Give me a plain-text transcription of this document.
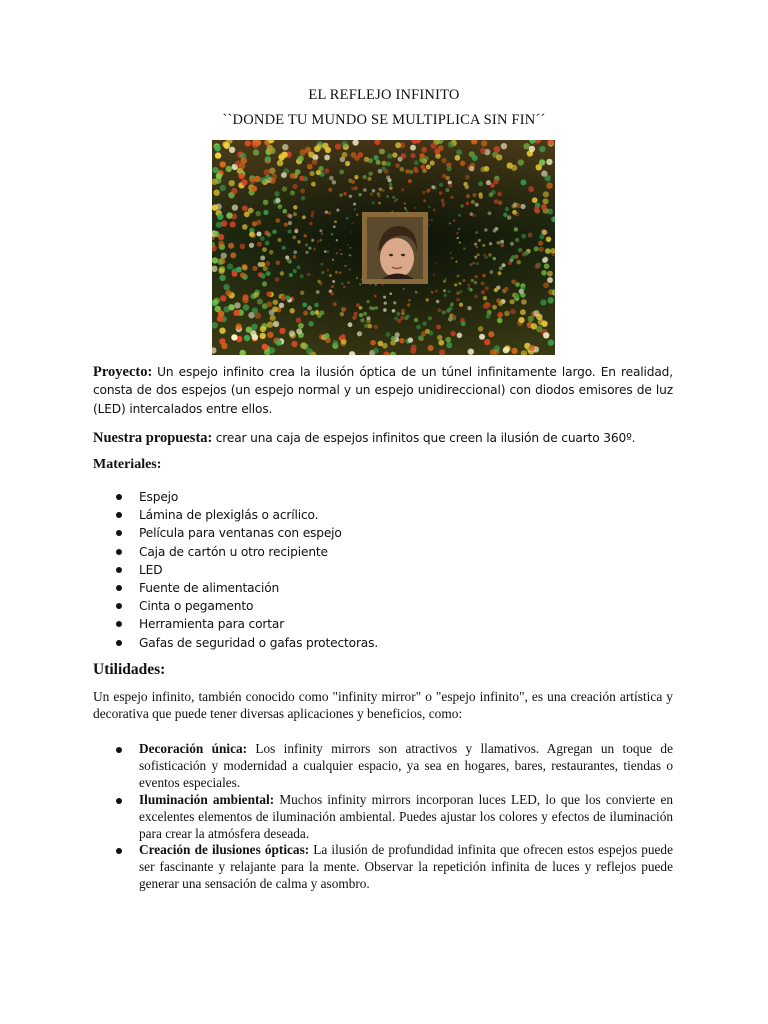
EL REFLEJO INFINITO
``DONDE TU MUNDO SE MULTIPLICA SIN FIN´´

Proyecto: Un espejo infinito crea la ilusión óptica de un túnel infinitamente largo. En realidad, consta de dos espejos (un espejo normal y un espejo unidireccional) con diodos emisores de luz (LED) intercalados entre ellos.

Nuestra propuesta: crear una caja de espejos infinitos que creen la ilusión de cuarto 360º.

Materiales:
Espejo
Lámina de plexiglás o acrílico.
Película para ventanas con espejo
Caja de cartón u otro recipiente
LED
Fuente de alimentación
Cinta o pegamento
Herramienta para cortar
Gafas de seguridad o gafas protectoras.
Utilidades:

Un espejo infinito, también conocido como "infinity mirror" o "espejo infinito", es una creación artística y decorativa que puede tener diversas aplicaciones y beneficios, como:

Decoración única: Los infinity mirrors son atractivos y llamativos. Agregan un toque de sofisticación y modernidad a cualquier espacio, ya sea en hogares, bares, restaurantes, tiendas o eventos especiales.
Iluminación ambiental: Muchos infinity mirrors incorporan luces LED, lo que los convierte en excelentes elementos de iluminación ambiental. Puedes ajustar los colores y efectos de iluminación para crear la atmósfera deseada.
Creación de ilusiones ópticas: La ilusión de profundidad infinita que ofrecen estos espejos puede ser fascinante y relajante para la mente. Observar la repetición infinita de luces y reflejos puede generar una sensación de calma y asombro.
